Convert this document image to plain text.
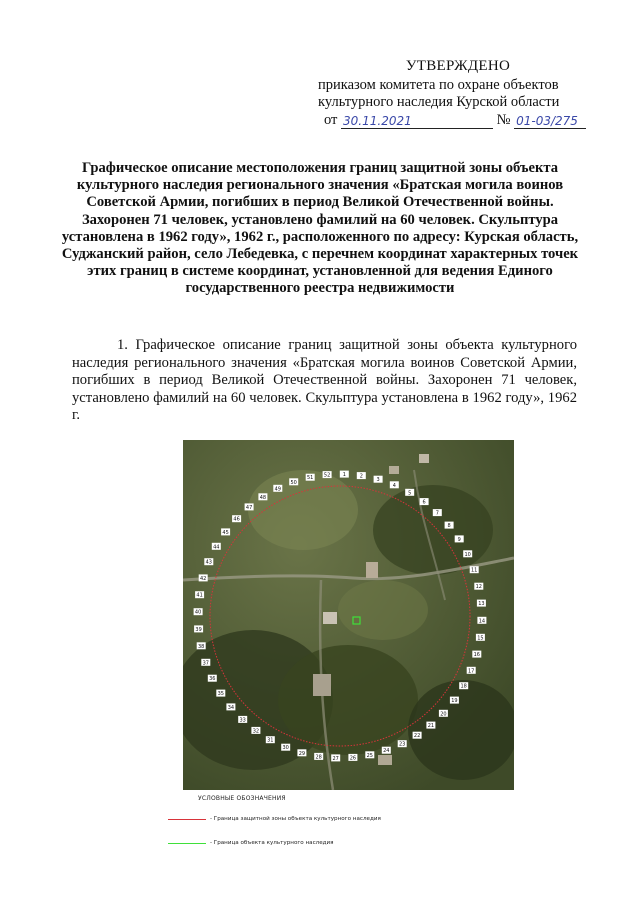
УТВЕРЖДЕНО
приказом комитета по охране объектов
культурного наследия Курской области
от 30.11.2021	№ 01-03/275
Графическое описание местоположения границ защитной зоны объекта культурного наследия регионального значения «Братская могила воинов Советской Армии, погибших в период Великой Отечественной войны. Захоронен 71 человек, установлено фамилий на 60 человек. Скульптура установлена в 1962 году», 1962 г., расположенного по адресу: Курская область, Суджанский район, село Лебедевка, с перечнем координат характерных точек этих границ в системе координат, установленной для ведения Единого государственного реестра недвижимости
1. Графическое описание границ защитной зоны объекта культурного наследия регионального значения «Братская могила воинов Советской Армии, погибших в период Великой Отечественной войны. Захоронен 71 человек, установлено фамилий на 60 человек. Скульптура установлена в 1962 году», 1962 г.
1	2
3
4
5
6
7
8
9
10
11
12
13
14
15
16
17
18
19
20
21
22
23
24
25
26
27
28
29
30
31
32
33
34
35
36
37
38
39
40
41
42
43
44
45
46
47
48
49
50
51 52
УСЛОВНЫЕ ОБОЗНАЧЕНИЯ
- Граница защитной зоны объекта культурного наследия
- Граница объекта культурного наследия
